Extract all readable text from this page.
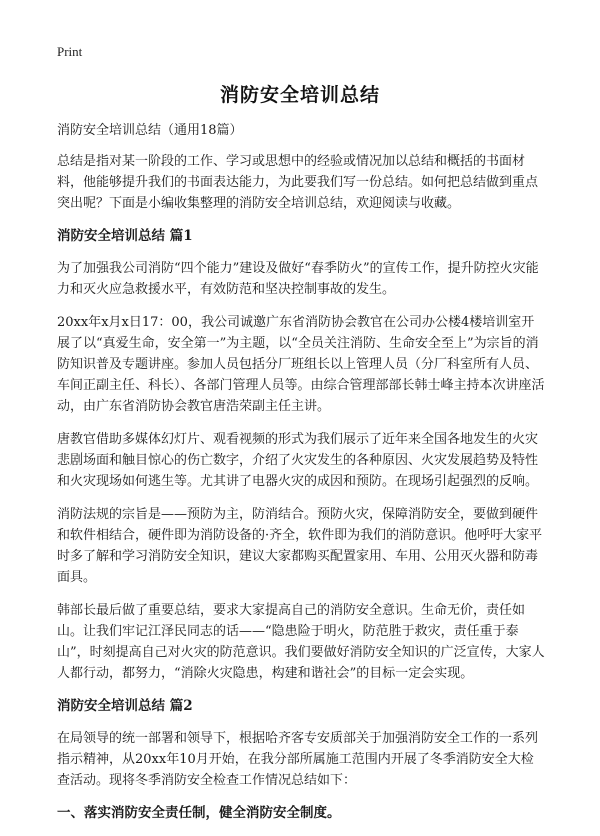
Print
消防安全培训总结

消防安全培训总结（通用18篇）

总结是指对某一阶段的工作、学习或思想中的经验或情况加以总结和概括的书面材料，他能够提升我们的书面表达能力，为此要我们写一份总结。如何把总结做到重点突出呢？下面是小编收集整理的消防安全培训总结，欢迎阅读与收藏。

消防安全培训总结 篇1

为了加强我公司消防“四个能力”建设及做好“春季防火”的宣传工作，提升防控火灾能力和灭火应急救援水平，有效防范和坚决控制事故的发生。

20xx年x月x日17：00，我公司诚邀广东省消防协会教官在公司办公楼4楼培训室开展了以“真爱生命，安全第一”为主题，以“全员关注消防、生命安全至上”为宗旨的消防知识普及专题讲座。参加人员包括分厂班组长以上管理人员（分厂科室所有人员、车间正副主任、科长）、各部门管理人员等。由综合管理部部长韩士峰主持本次讲座活动，由广东省消防协会教官唐浩荣副主任主讲。

唐教官借助多媒体幻灯片、观看视频的形式为我们展示了近年来全国各地发生的火灾悲剧场面和触目惊心的伤亡数字，介绍了火灾发生的各种原因、火灾发展趋势及特性和火灾现场如何逃生等。尤其讲了电器火灾的成因和预防。在现场引起强烈的反响。

消防法规的宗旨是——预防为主，防消结合。预防火灾，保障消防安全，要做到硬件和软件相结合，硬件即为消防设备的·齐全，软件即为我们的消防意识。他呼吁大家平时多了解和学习消防安全知识，建议大家都购买配置家用、车用、公用灭火器和防毒面具。

韩部长最后做了重要总结，要求大家提高自己的消防安全意识。生命无价，责任如山。让我们牢记江泽民同志的话——“隐患险于明火，防范胜于救灾，责任重于泰山”，时刻提高自己对火灾的防范意识。我们要做好消防安全知识的广泛宣传，大家人人都行动，都努力，“消除火灾隐患，构建和谐社会”的目标一定会实现。

消防安全培训总结 篇2

在局领导的统一部署和领导下，根据哈齐客专安质部关于加强消防安全工作的一系列指示精神，从20xx年10月开始，在我分部所属施工范围内开展了冬季消防安全大检查活动。现将冬季消防安全检查工作情况总结如下：

一、落实消防安全责任制，健全消防安全制度。
